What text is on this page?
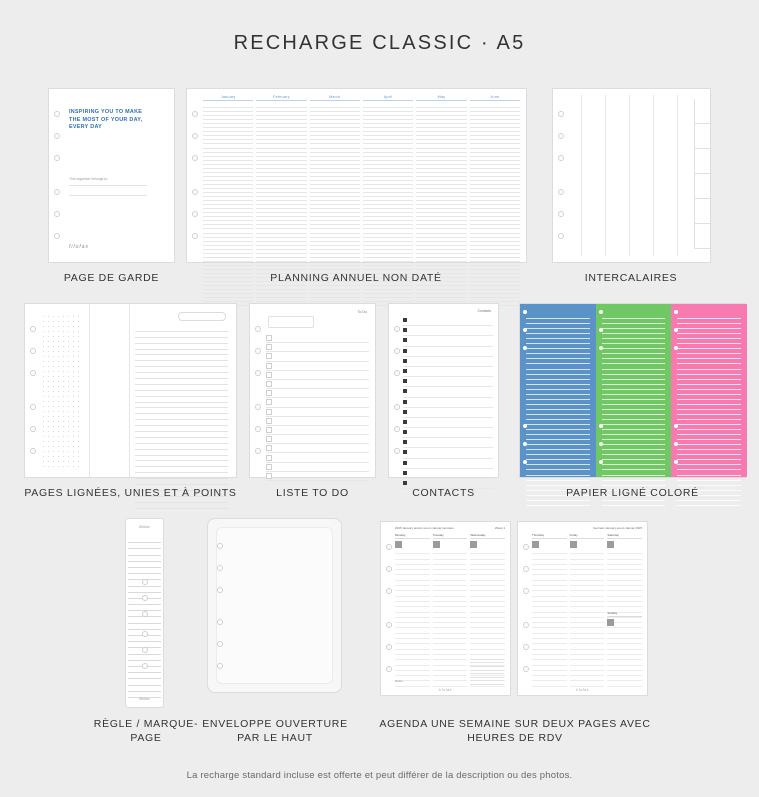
RECHARGE CLASSIC · A5
INSPIRING YOU TO MAKE THE MOST OF YOUR DAY, EVERY DAY
This organiser belongs to:
filofax
PAGE DE GARDE
January	February	March	April	May	June
PLANNING ANNUEL NON DATÉ	INTERCALAIRES
PAGES LIGNÉES, UNIES ET À POINTS
To Do
LISTE TO DO
Contacts
CONTACTS	PAPIER LIGNÉ COLORÉ
filofax
filofax
RÈGLE / MARQUE-PAGE
ENVELOPPE OUVERTURE PAR LE HAUT
2025 January janvier enero Januar Gennaio	Week 1
Monday	Tuesday	Wednesday
Notes
filofax
Gennaio January enero Januar 2025
Thursday	Friday	Saturday
Sunday
filofax
AGENDA UNE SEMAINE SUR DEUX PAGES AVEC HEURES DE RDV
La recharge standard incluse est offerte et peut différer de la description ou des photos.
